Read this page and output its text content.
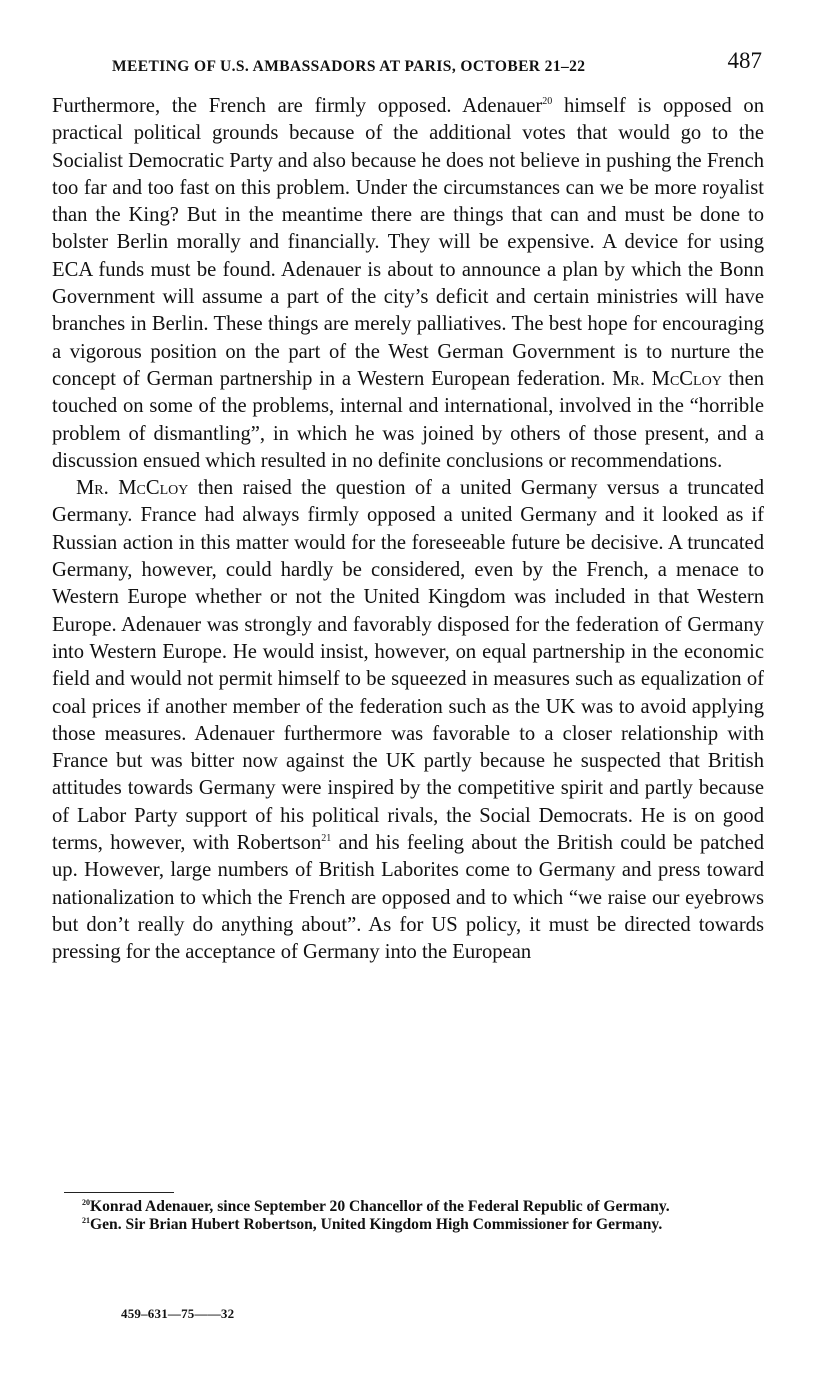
MEETING OF U.S. AMBASSADORS AT PARIS, OCTOBER 21–22	487

Furthermore, the French are firmly opposed. Adenauer$^{20}$ himself is opposed on practical political grounds because of the additional votes that would go to the Socialist Democratic Party and also because he does not believe in pushing the French too far and too fast on this problem. Under the circumstances can we be more royalist than the King? But in the meantime there are things that can and must be done to bolster Berlin morally and financially. They will be expensive. A device for using ECA funds must be found. Adenauer is about to announce a plan by which the Bonn Government will assume a part of the city’s deficit and certain ministries will have branches in Berlin. These things are merely palliatives. The best hope for encouraging a vigorous position on the part of the West German Government is to nurture the concept of German partnership in a Western European federation. Mr. McCloy then touched on some of the problems, internal and international, involved in the “horrible problem of dismantling”, in which he was joined by others of those present, and a discussion ensued which resulted in no definite conclusions or recommendations.

Mr. McCloy then raised the question of a united Germany versus a truncated Germany. France had always firmly opposed a united Germany and it looked as if Russian action in this matter would for the foreseeable future be decisive. A truncated Germany, however, could hardly be considered, even by the French, a menace to Western Europe whether or not the United Kingdom was included in that Western Europe. Adenauer was strongly and favorably disposed for the federation of Germany into Western Europe. He would insist, however, on equal partnership in the economic field and would not permit himself to be squeezed in measures such as equalization of coal prices if another member of the federation such as the UK was to avoid applying those measures. Adenauer furthermore was favorable to a closer relationship with France but was bitter now against the UK partly because he suspected that British attitudes towards Germany were inspired by the competitive spirit and partly because of Labor Party support of his political rivals, the Social Democrats. He is on good terms, however, with Robertson$^{21}$ and his feeling about the British could be patched up. However, large numbers of British Laborites come to Germany and press toward nationalization to which the French are opposed and to which “we raise our eyebrows but don’t really do anything about”. As for US policy, it must be directed towards pressing for the acceptance of Germany into the European

$^{20}$Konrad Adenauer, since September 20 Chancellor of the Federal Republic of Germany.

$^{21}$Gen. Sir Brian Hubert Robertson, United Kingdom High Commissioner for Germany.

459–631—75——32
